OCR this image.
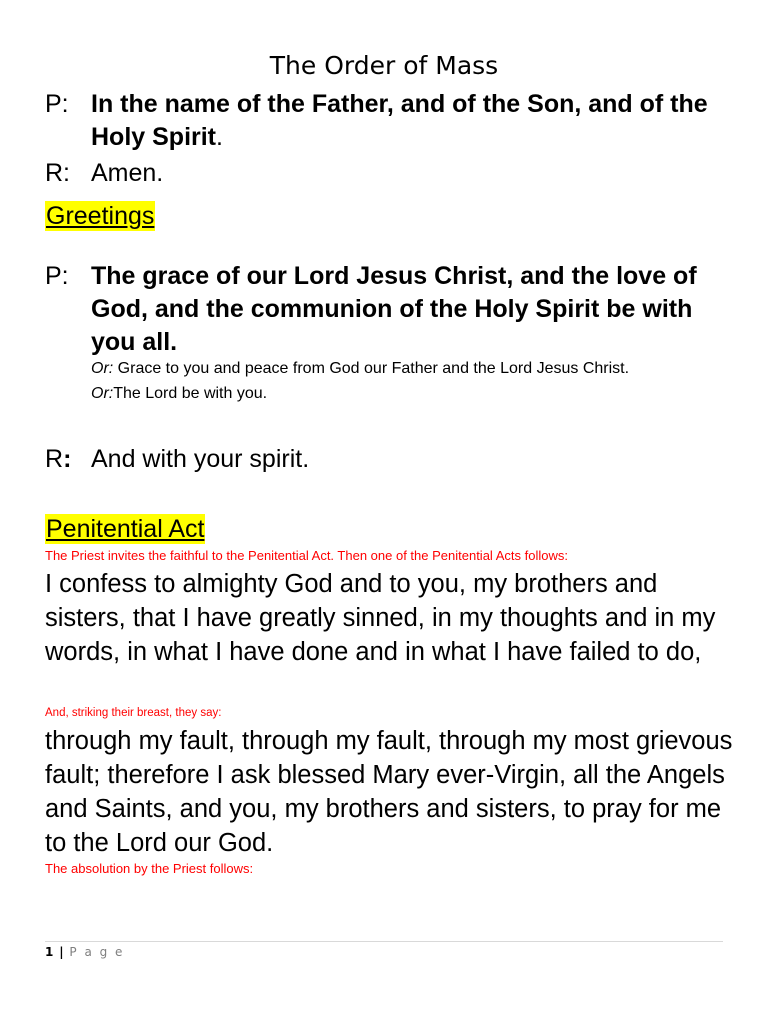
The Order of Mass
P: In the name of the Father, and of the Son, and of the Holy Spirit.
R: Amen.
Greetings
P: The grace of our Lord Jesus Christ, and the love of God, and the communion of the Holy Spirit be with you all.
Or: Grace to you and peace from God our Father and the Lord Jesus Christ.
Or:The Lord be with you.
R: And with your spirit.
Penitential Act
The Priest invites the faithful to the Penitential Act. Then one of the Penitential Acts follows:
I confess to almighty God and to you, my brothers and sisters, that I have greatly sinned, in my thoughts and in my words, in what I have done and in what I have failed to do,
And, striking their breast, they say:
through my fault, through my fault, through my most grievous fault; therefore I ask blessed Mary ever-Virgin, all the Angels and Saints, and you, my brothers and sisters, to pray for me to the Lord our God.
The absolution by the Priest follows:
1 | P a g e
